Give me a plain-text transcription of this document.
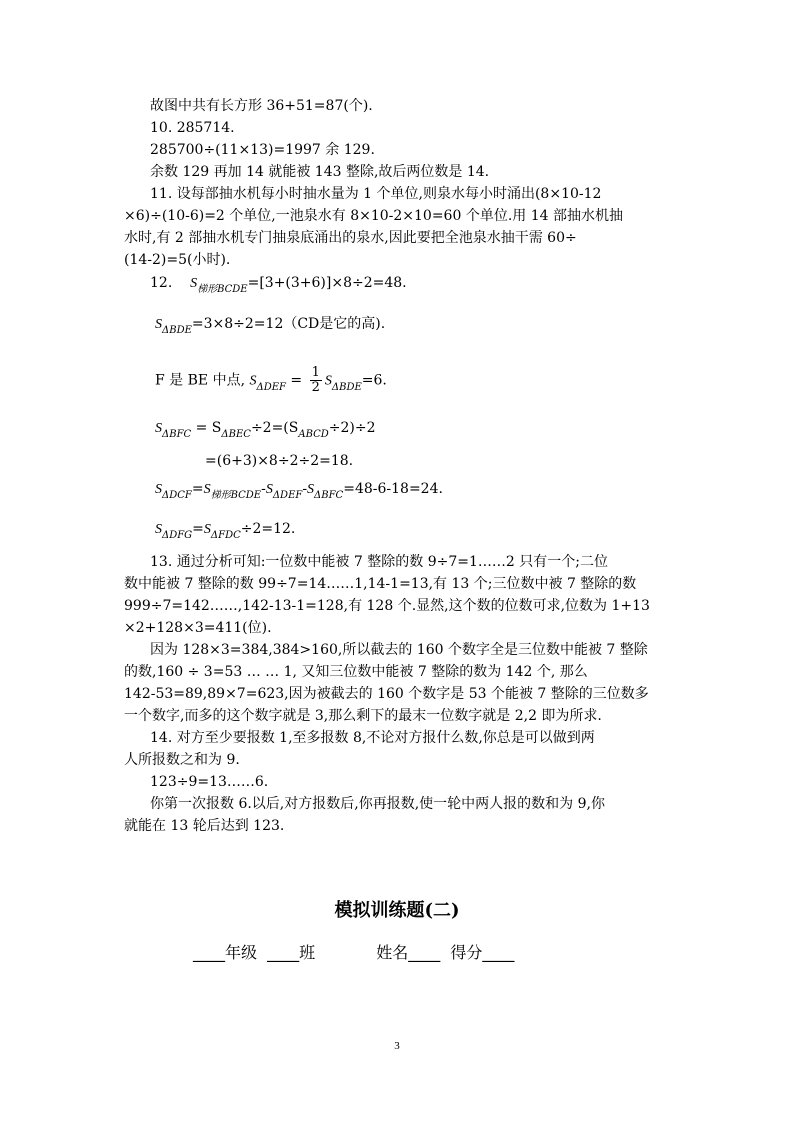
故图中共有长方形 36+51=87(个).
10. 285714.
285700÷(11×13)=1997 余 129.
余数 129 再加 14 就能被 143 整除,故后两位数是 14.
11. 设每部抽水机每小时抽水量为 1 个单位,则泉水每小时涌出(8×10-12
×6)÷(10-6)=2 个单位,一池泉水有 8×10-2×10=60 个单位.用 14 部抽水机抽
水时,有 2 部抽水机专门抽泉底涌出的泉水,因此要把全池泉水抽干需 60÷
(14-2)=5(小时).
12. $S_{梯形BCDE}=[3+(3+6)]\times 8\div 2=48$.
$S_{\Delta BDE}=3\times 8\div 2=12(CD$是它的高).
F 是 BE 中点, $S_{\Delta DEF} = \frac{1}{2} S_{\Delta BDE}=6$.
$S_{\Delta BFC} = S_{\Delta BEC}\div 2=(S_{ABCD}\div 2)\div 2$
=(6+3)×8÷2÷2=18.
$S_{\Delta DCF}=S_{梯形BCDE}-S_{\Delta DEF}-S_{\Delta BFC}=48-6-18=24$.
$S_{\Delta DFG}=S_{\Delta FDC}\div 2=12$.
13. 通过分析可知:一位数中能被 7 整除的数 9÷7=1……2 只有一个;二位
数中能被 7 整除的数 99÷7=14……1,14-1=13,有 13 个;三位数中被 7 整除的数
999÷7=142……,142-13-1=128,有 128 个.显然,这个数的位数可求,位数为 1+13
×2+128×3=411(位).
因为 128×3=384,384>160,所以截去的 160 个数字全是三位数中能被 7 整除
的数,160 ÷ 3=53 … … 1, 又知三位数中能被 7 整除的数为 142 个, 那么
142-53=89,89×7=623,因为被截去的 160 个数字是 53 个能被 7 整除的三位数多
一个数字,而多的这个数字就是 3,那么剩下的最末一位数字就是 2,2 即为所求.
14. 对方至少要报数 1,至多报数 8,不论对方报什么数,你总是可以做到两
人所报数之和为 9.
123÷9=13……6.
你第一次报数 6.以后,对方报数后,你再报数,使一轮中两人报的数和为 9,你
就能在 13 轮后达到 123.
模拟训练题(二)
____年级  ____班            姓名____  得分____
3
